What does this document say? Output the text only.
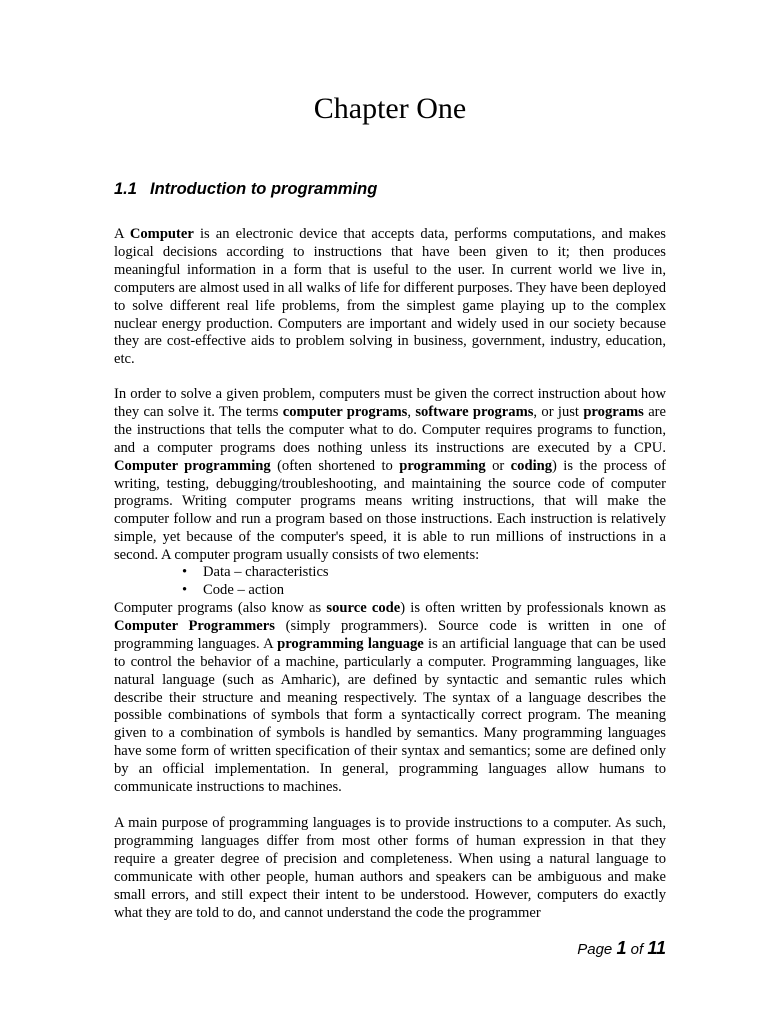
Chapter One
1.1 Introduction to programming

A Computer is an electronic device that accepts data, performs computations, and makes logical decisions according to instructions that have been given to it; then produces meaningful information in a form that is useful to the user. In current world we live in, computers are almost used in all walks of life for different purposes. They have been deployed to solve different real life problems, from the simplest game playing up to the complex nuclear energy production. Computers are important and widely used in our society because they are cost-effective aids to problem solving in business, government, industry, education, etc.

In order to solve a given problem, computers must be given the correct instruction about how they can solve it. The terms computer programs, software programs, or just programs are the instructions that tells the computer what to do. Computer requires programs to function, and a computer programs does nothing unless its instructions are executed by a CPU. Computer programming (often shortened to programming or coding) is the process of writing, testing, debugging/troubleshooting, and maintaining the source code of computer programs. Writing computer programs means writing instructions, that will make the computer follow and run a program based on those instructions. Each instruction is relatively simple, yet because of the computer's speed, it is able to run millions of instructions in a second. A computer program usually consists of two elements:

• Data – characteristics
• Code – action

Computer programs (also know as source code) is often written by professionals known as Computer Programmers (simply programmers). Source code is written in one of programming languages. A programming language is an artificial language that can be used to control the behavior of a machine, particularly a computer. Programming languages, like natural language (such as Amharic), are defined by syntactic and semantic rules which describe their structure and meaning respectively. The syntax of a language describes the possible combinations of symbols that form a syntactically correct program. The meaning given to a combination of symbols is handled by semantics. Many programming languages have some form of written specification of their syntax and semantics; some are defined only by an official implementation. In general, programming languages allow humans to communicate instructions to machines.

A main purpose of programming languages is to provide instructions to a computer. As such, programming languages differ from most other forms of human expression in that they require a greater degree of precision and completeness. When using a natural language to communicate with other people, human authors and speakers can be ambiguous and make small errors, and still expect their intent to be understood. However, computers do exactly what they are told to do, and cannot understand the code the programmer

Page 1 of 11
